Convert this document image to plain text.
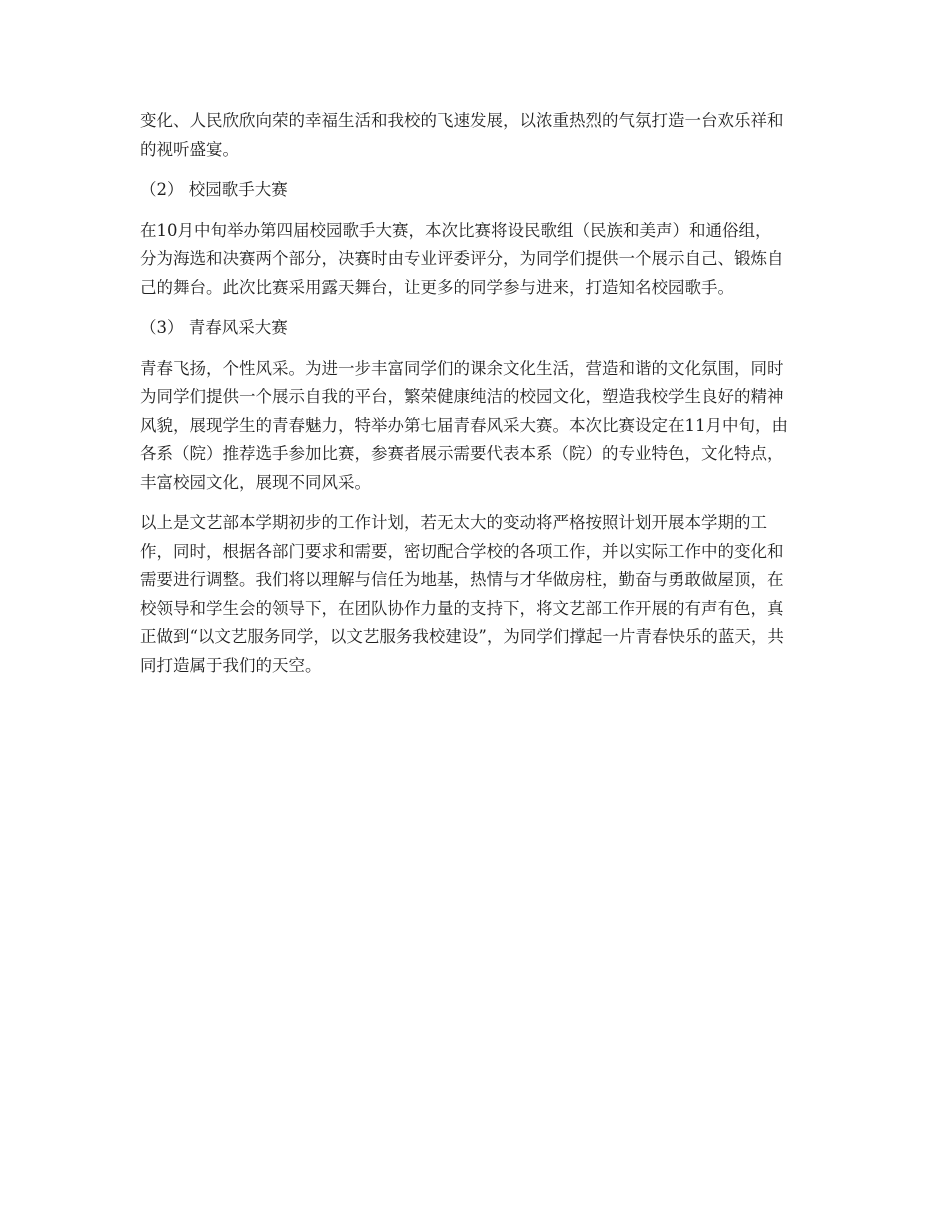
变化、人民欣欣向荣的幸福生活和我校的飞速发展，以浓重热烈的气氛打造一台欢乐祥和
的视听盛宴。

（2） 校园歌手大赛

在10月中旬举办第四届校园歌手大赛，本次比赛将设民歌组（民族和美声）和通俗组，
分为海选和决赛两个部分，决赛时由专业评委评分，为同学们提供一个展示自己、锻炼自
己的舞台。此次比赛采用露天舞台，让更多的同学参与进来，打造知名校园歌手。

（3） 青春风采大赛

青春飞扬，个性风采。为进一步丰富同学们的课余文化生活，营造和谐的文化氛围，同时
为同学们提供一个展示自我的平台，繁荣健康纯洁的校园文化，塑造我校学生良好的精神
风貌，展现学生的青春魅力，特举办第七届青春风采大赛。本次比赛设定在11月中旬，由
各系（院）推荐选手参加比赛，参赛者展示需要代表本系（院）的专业特色，文化特点，
丰富校园文化，展现不同风采。

以上是文艺部本学期初步的工作计划，若无太大的变动将严格按照计划开展本学期的工
作，同时，根据各部门要求和需要，密切配合学校的各项工作，并以实际工作中的变化和
需要进行调整。我们将以理解与信任为地基，热情与才华做房柱，勤奋与勇敢做屋顶，在
校领导和学生会的领导下，在团队协作力量的支持下，将文艺部工作开展的有声有色，真
正做到“以文艺服务同学，以文艺服务我校建设”，为同学们撑起一片青春快乐的蓝天，共
同打造属于我们的天空。
